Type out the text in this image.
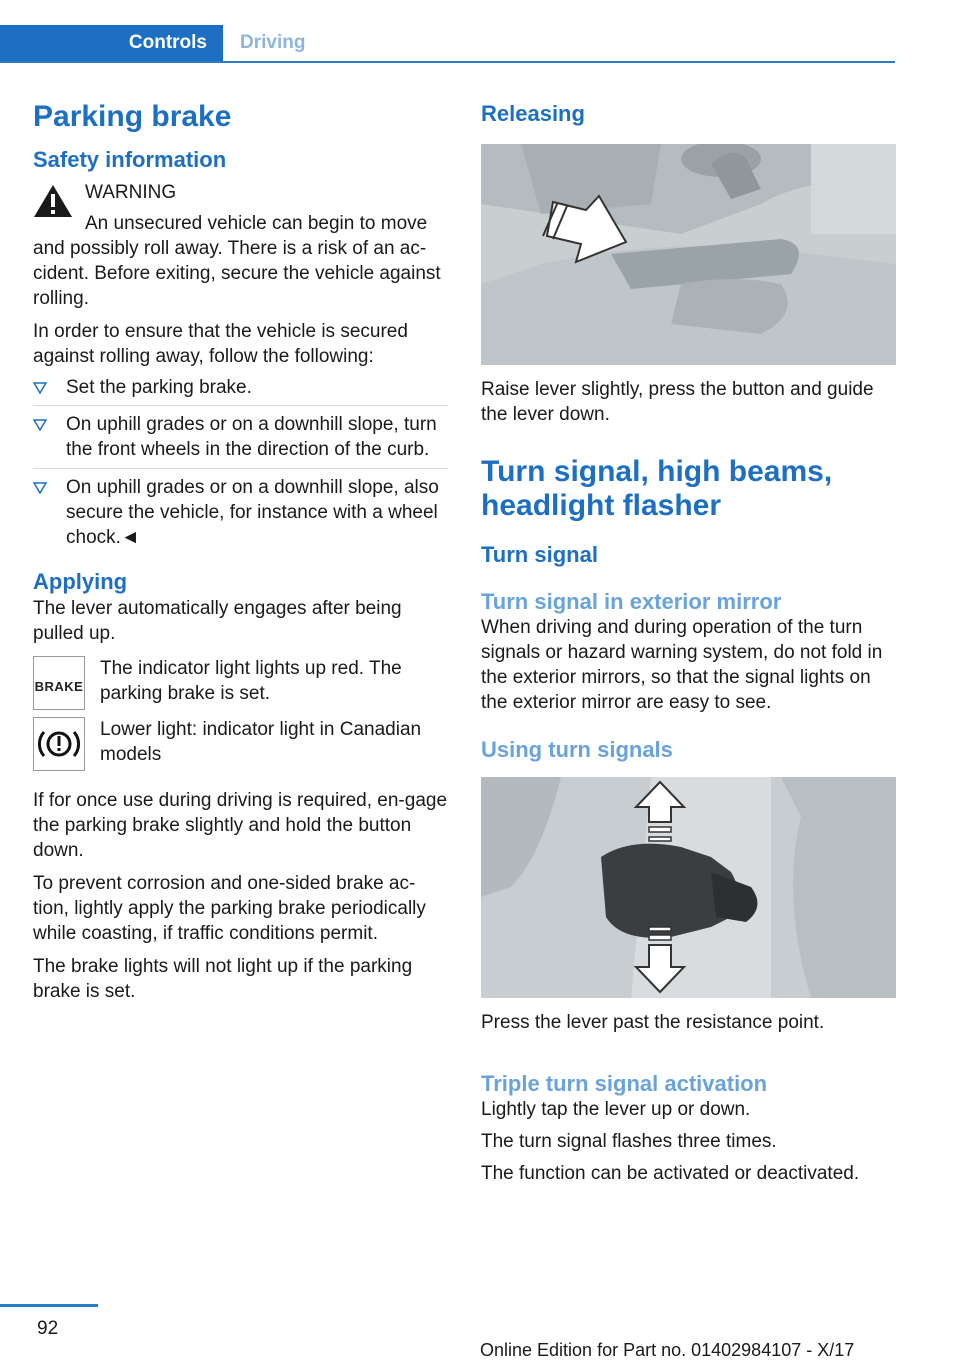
Controls	Driving
Parking brake
Safety information

WARNING

An unsecured vehicle can begin to move and possibly roll away. There is a risk of an ac‐cident. Before exiting, secure the vehicle against rolling.

In order to ensure that the vehicle is secured against rolling away, follow the following:

Set the parking brake.
On uphill grades or on a downhill slope, turn the front wheels in the direction of the curb.
On uphill grades or on a downhill slope, also secure the vehicle, for instance with a wheel chock.◄
Applying

The lever automatically engages after being pulled up.

BRAKE

The indicator light lights up red. The parking brake is set.

Lower light: indicator light in Canadian models

If for once use during driving is required, en‐gage the parking brake slightly and hold the button down.

To prevent corrosion and one-sided brake ac‐tion, lightly apply the parking brake periodically while coasting, if traffic conditions permit.

The brake lights will not light up if the parking brake is set.

Releasing

Raise lever slightly, press the button and guide the lever down.

Turn signal, high beams, headlight flasher
Turn signal
Turn signal in exterior mirror

When driving and during operation of the turn signals or hazard warning system, do not fold in the exterior mirrors, so that the signal lights on the exterior mirror are easy to see.

Using turn signals

Press the lever past the resistance point.

Triple turn signal activation

Lightly tap the lever up or down.

The turn signal flashes three times.

The function can be activated or deactivated.

92
Online Edition for Part no. 01402984107 - X/17
